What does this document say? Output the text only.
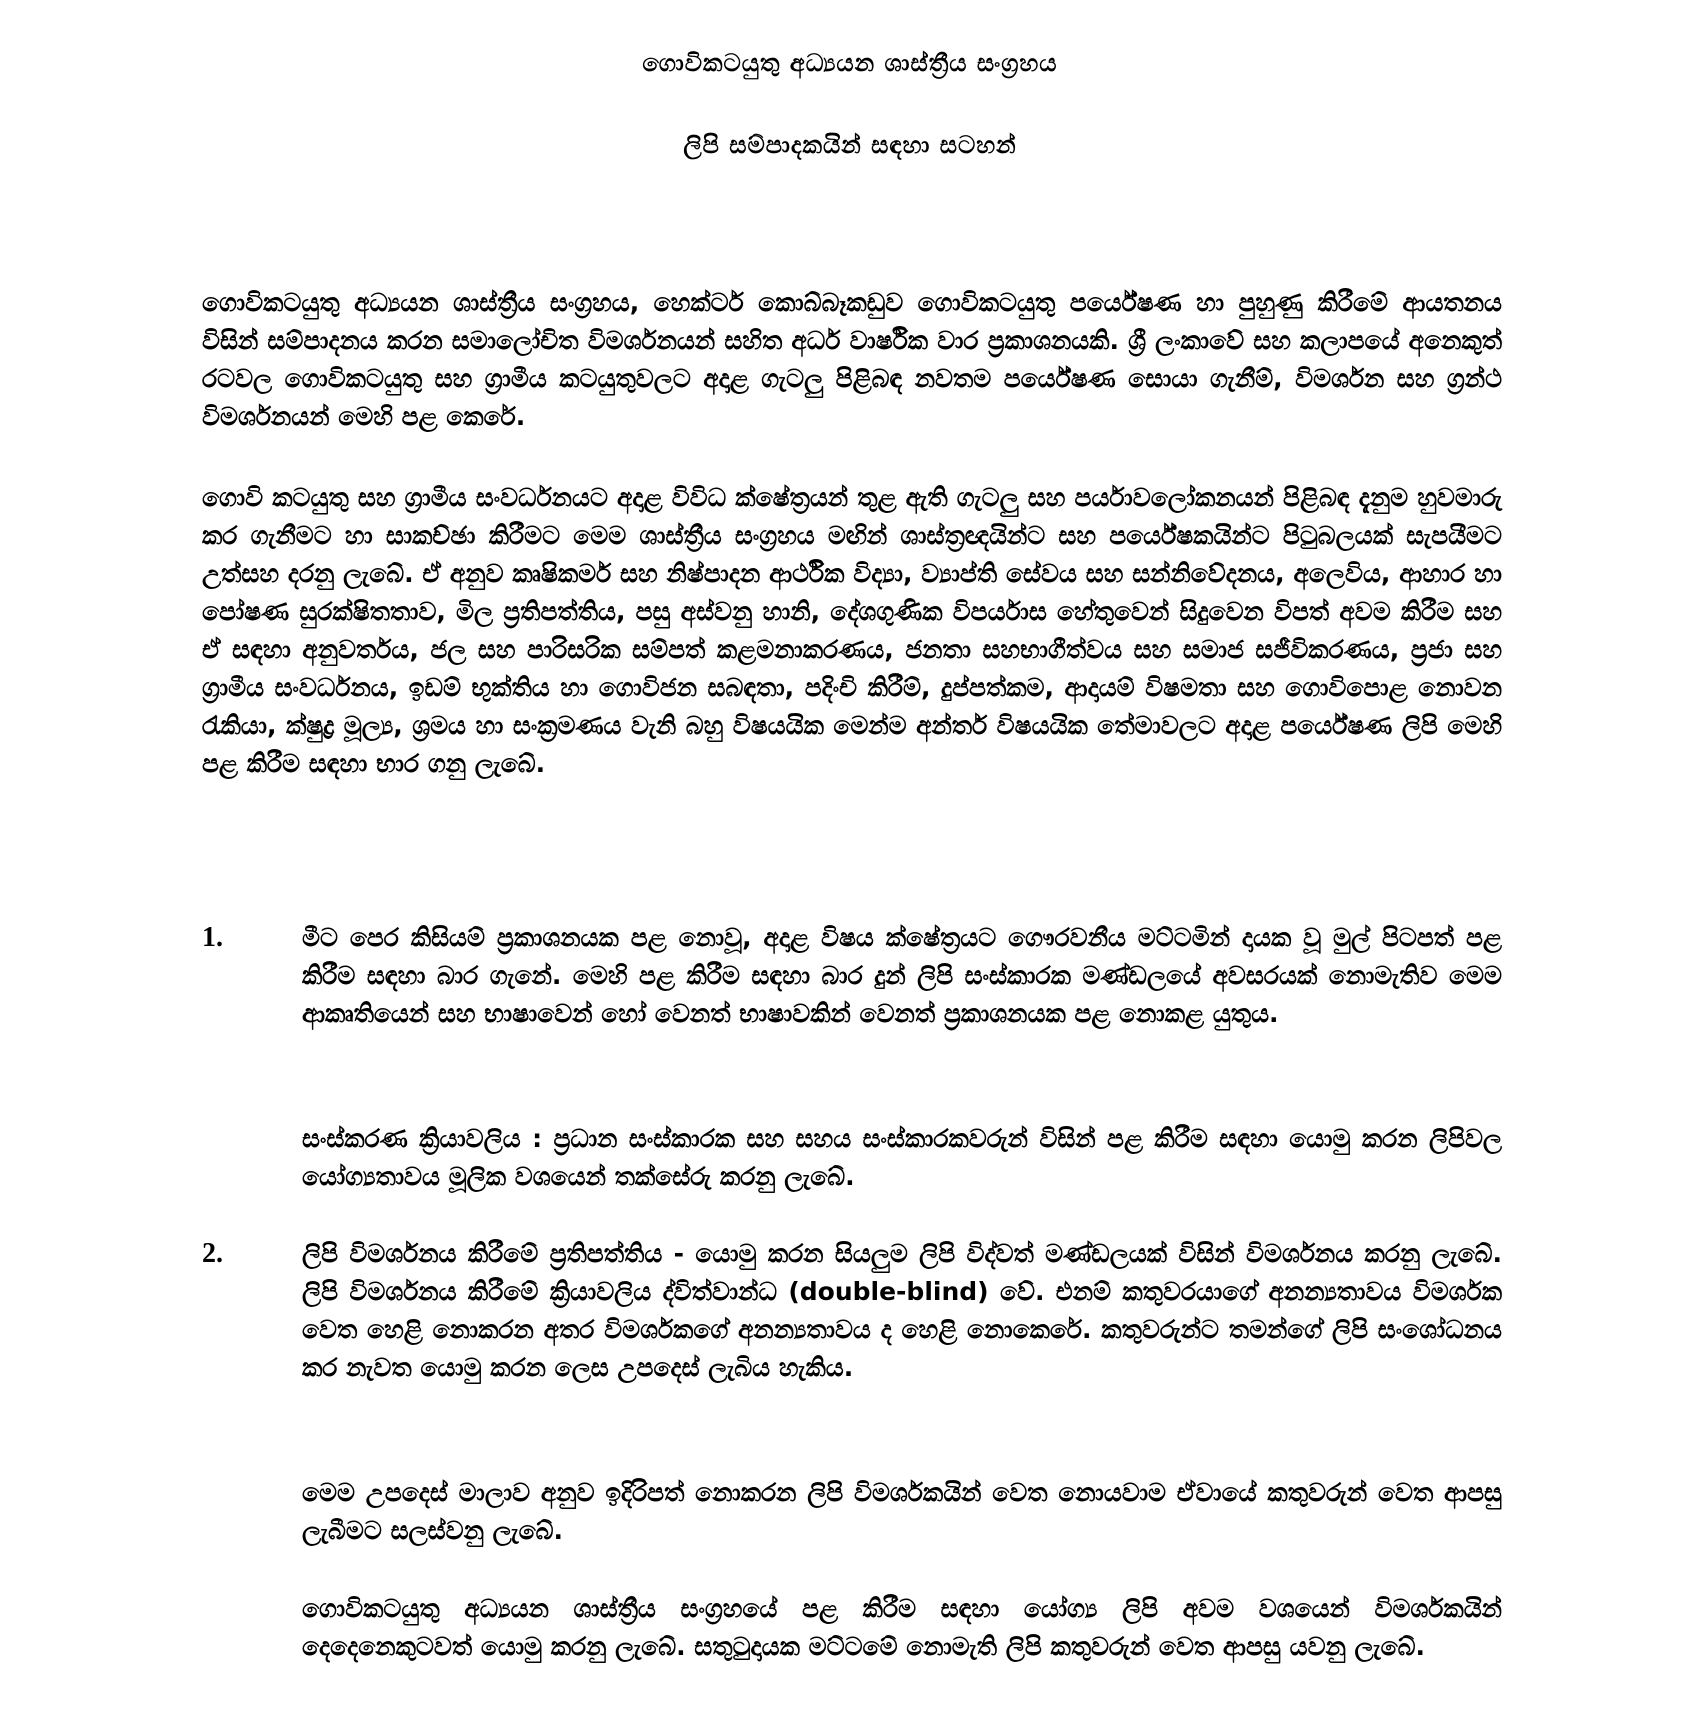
ගොවිකටයුතු අධ්‍යයන ශාස්ත්‍රීය සංග්‍රහය
ලිපි සම්පාදකයින් සඳහා සටහන්

ගොවිකටයුතු අධ්‍යයන ශාස්ත්‍රීය සංග්‍රහය, හෙක්ටර් කොබ්බෑකඩුව ගොවිකටයුතු පර්යේෂණ හා පුහුණු කිරීමේ ආයතනය විසින් සම්පාදනය කරන සමාලෝචිත විමර්ශනයන් සහිත අර්ධ වාර්ෂික වාර ප්‍රකාශනයකි. ශ්‍රී ලංකාවේ සහ කලාපයේ අනෙකුත් රටවල ගොවිකටයුතු සහ ග්‍රාමීය කටයුතුවලට අදාළ ගැටලු පිළිබඳ නවතම පර්යේෂණ සොයා ගැනීම්, විමර්ශන සහ ග්‍රන්ථ විමර්ශනයන් මෙහි පළ කෙරේ.

ගොවි කටයුතු සහ ග්‍රාමීය සංවර්ධනයට අදාළ විවිධ ක්ෂේත්‍රයන් තුළ ඇති ගැටලු සහ පර්යාවලෝකනයන් පිළිබඳ දැනුම හුවමාරු කර ගැනීමට හා සාකච්ඡා කිරීමට මෙම ශාස්ත්‍රීය සංග්‍රහය මඟින් ශාස්ත්‍රඥයින්ට සහ පර්යේෂකයින්ට පිටුබලයක් සැපයීමට උත්සහ දරනු ලැබේ. ඒ අනුව කෘෂිකර්ම සහ නිෂ්පාදන ආර්ථික විද්‍යා, ව්‍යාප්ති සේවය සහ සන්නිවේදනය, අලෙවිය, ආහාර හා පෝෂණ සුරක්ෂිතතාව, මිල ප්‍රතිපත්තිය, පසු අස්වනු හානි, දේශගුණික විපර්යාස හේතුවෙන් සිදුවෙන විපත් අවම කිරීම සහ ඒ සඳහා අනුවර්තය, ජල සහ පාරිසරික සම්පත් කළමනාකරණය, ජනතා සහභාගීත්වය සහ සමාජ සජීවිකරණය, ප්‍රජා සහ ග්‍රාමීය සංවර්ධනය, ඉඩම් භුක්තිය හා ගොවිජන සබඳතා, පදිංචි කිරීම්, දුප්පත්කම, ආදායම් විෂමතා සහ ගොවිපොළ නොවන රැකියා, ක්ෂුද්‍ර මූල්‍ය, ශ්‍රමය හා සංක්‍රමණය වැනි බහු විෂයයික මෙන්ම අන්තර් විෂයයික තේමාවලට අදාළ පර්යේෂණ ලිපි මෙහි පළ කිරීම සඳහා භාර ගනු ලැබේ.

1.	මීට පෙර කිසියම් ප්‍රකාශනයක පළ නොවූ, අදාළ විෂය ක්ෂේත්‍රයට ගෞරවනීය මට්ටමින් දායක වූ මුල් පිටපත් පළ කිරීම සඳහා බාර ගැනේ. මෙහි පළ කිරීම සඳහා බාර දුන් ලිපි සංස්කාරක මණ්ඩලයේ අවසරයක් නොමැතිව මෙම ආකෘතියෙන් සහ භාෂාවෙන් හෝ වෙනත් භාෂාවකින් වෙනත් ප්‍රකාශනයක පළ නොකළ යුතුය.

සංස්කරණ ක්‍රියාවලිය : ප්‍රධාන සංස්කාරක සහ සහය සංස්කාරකවරුන් විසින් පළ කිරීම සඳහා යොමු කරන ලිපිවල යෝග්‍යතාවය මූලික වශයෙන් තක්සේරු කරනු ලැබේ.

2.	ලිපි විමර්ශනය කිරීමේ ප්‍රතිපත්තිය - යොමු කරන සියලුම ලිපි විද්වත් මණ්ඩලයක් විසින් විමර්ශනය කරනු ලැබේ. ලිපි විමර්ශනය කිරීමේ ක්‍රියාවලිය ද්විත්වාන්ධ (double-blind) වේ. එනම් කතුවරයාගේ අනන්‍යතාවය විමර්ශක වෙත හෙළි නොකරන අතර විමර්ශකගේ අනන්‍යතාවය ද හෙළි නොකෙරේ. කතුවරුන්ට තමන්ගේ ලිපි සංශෝධනය කර නැවත යොමු කරන ලෙස උපදෙස් ලැබිය හැකිය.

මෙම උපදෙස් මාලාව අනුව ඉදිරිපත් නොකරන ලිපි විමර්ශකයින් වෙත නොයවාම ඒවායේ කතුවරුන් වෙත ආපසු ලැබීමට සලස්වනු ලැබේ.

ගොවිකටයුතු අධ්‍යයන ශාස්ත්‍රීය සංග්‍රහයේ පළ කිරීම සඳහා යෝග්‍ය ලිපි අවම වශයෙන් විමර්ශකයින් දෙදෙනෙකුටවත් යොමු කරනු ලැබේ. සතුටුදායක මට්ටමේ නොමැති ලිපි කතුවරුන් වෙත ආපසු යවනු ලැබේ.
